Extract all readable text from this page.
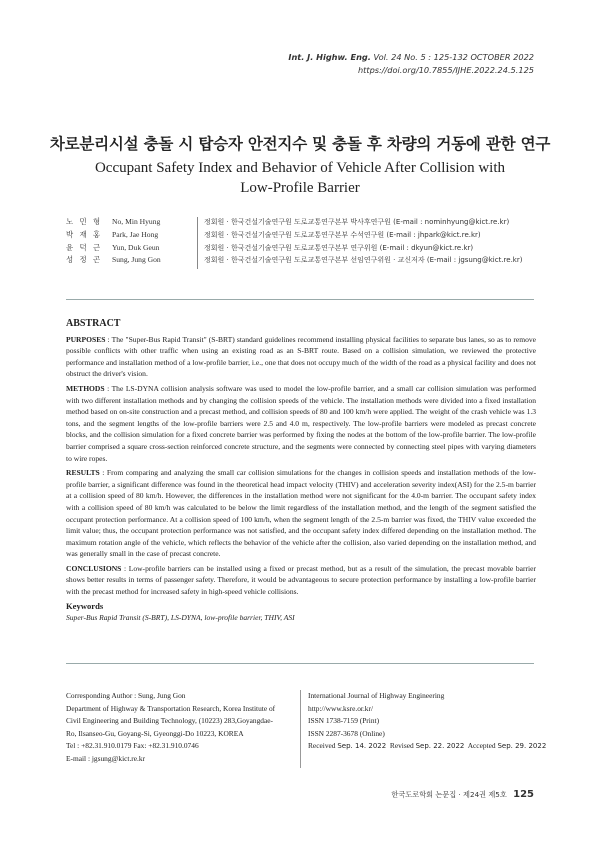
Int. J. Highw. Eng. Vol. 24 No. 5 : 125-132 OCTOBER 2022
https://doi.org/10.7855/IJHE.2022.24.5.125
차로분리시설 충돌 시 탑승자 안전지수 및 충돌 후 차량의 거동에 관한 연구
Occupant Safety Index and Behavior of Vehicle After Collision with
Low-Profile Barrier
노 민 형	No, Min Hyung	정회원 · 한국건설기술연구원 도로교통연구본부 박사후연구원 (E-mail : nominhyung@kict.re.kr)
박 재 홍	Park, Jae Hong	정회원 · 한국건설기술연구원 도로교통연구본부 수석연구원 (E-mail : jhpark@kict.re.kr)
윤 덕 근	Yun, Duk Geun	정회원 · 한국건설기술연구원 도로교통연구본부 연구위원 (E-mail : dkyun@kict.re.kr)
성 정 곤	Sung, Jung Gon	정회원 · 한국건설기술연구원 도로교통연구본부 선임연구위원 · 교신저자 (E-mail : jgsung@kict.re.kr)
ABSTRACT

PURPOSES : The "Super-Bus Rapid Transit" (S-BRT) standard guidelines recommend installing physical facilities to separate bus lanes, so as to remove possible conflicts with other traffic when using an existing road as an S-BRT route. Based on a collision simulation, we reviewed the protective performance and installation method of a low-profile barrier, i.e., one that does not occupy much of the width of the road as a physical facility and does not obstruct the driver's vision.

METHODS : The LS-DYNA collision analysis software was used to model the low-profile barrier, and a small car collision simulation was performed with two different installation methods and by changing the collision speeds of the vehicle. The installation methods were divided into a fixed installation method based on on-site construction and a precast method, and collision speeds of 80 and 100 km/h were applied. The weight of the crash vehicle was 1.3 tons, and the segment lengths of the low-profile barriers were 2.5 and 4.0 m, respectively. The low-profile barriers were modeled as precast concrete blocks, and the collision simulation for a fixed concrete barrier was performed by fixing the nodes at the bottom of the low-profile barrier. The low-profile barrier comprised a square cross-section reinforced concrete structure, and the segments were connected by connecting steel pipes with varying diameters to wire ropes.

RESULTS : From comparing and analyzing the small car collision simulations for the changes in collision speeds and installation methods of the low-profile barrier, a significant difference was found in the theoretical head impact velocity (THIV) and acceleration severity index(ASI) for the 2.5-m barrier at a collision speed of 80 km/h. However, the differences in the installation method were not significant for the 4.0-m barrier. The occupant safety index with a collision speed of 80 km/h was calculated to be below the limit regardless of the installation method, and the length of the segment satisfied the occupant protection performance. At a collision speed of 100 km/h, when the segment length of the 2.5-m barrier was fixed, the THIV value exceeded the limit value; thus, the occupant protection performance was not satisfied, and the occupant safety index differed depending on the installation method. The maximum rotation angle of the vehicle, which reflects the behavior of the vehicle after the collision, also varied depending on the installation method, and was generally small in the case of precast concrete.

CONCLUSIONS : Low-profile barriers can be installed using a fixed or precast method, but as a result of the simulation, the precast movable barrier shows better results in terms of passenger safety. Therefore, it would be advantageous to secure protection performance by installing a low-profile barrier with the precast method for increased safety in high-speed vehicle collisions.

Keywords
Super-Bus Rapid Transit (S-BRT), LS-DYNA, low-profile barrier, THIV, ASI
Corresponding Author : Sung, Jung Gon
Department of Highway & Transportation Research, Korea Institute of
Civil Engineering and Building Technology, (10223) 283,Goyangdae-
Ro, Ilsanseo-Gu, Goyang-Si, Gyeonggi-Do 10223, KOREA
Tel : +82.31.910.0179 Fax: +82.31.910.0746
E-mail : jgsung@kict.re.kr
International Journal of Highway Engineering
http://www.ksre.or.kr/
ISSN 1738-7159 (Print)
ISSN 2287-3678 (Online)
Received Sep. 14. 2022 Revised Sep. 22. 2022 Accepted Sep. 29. 2022
한국도로학회 논문집 · 제24권 제5호 125
